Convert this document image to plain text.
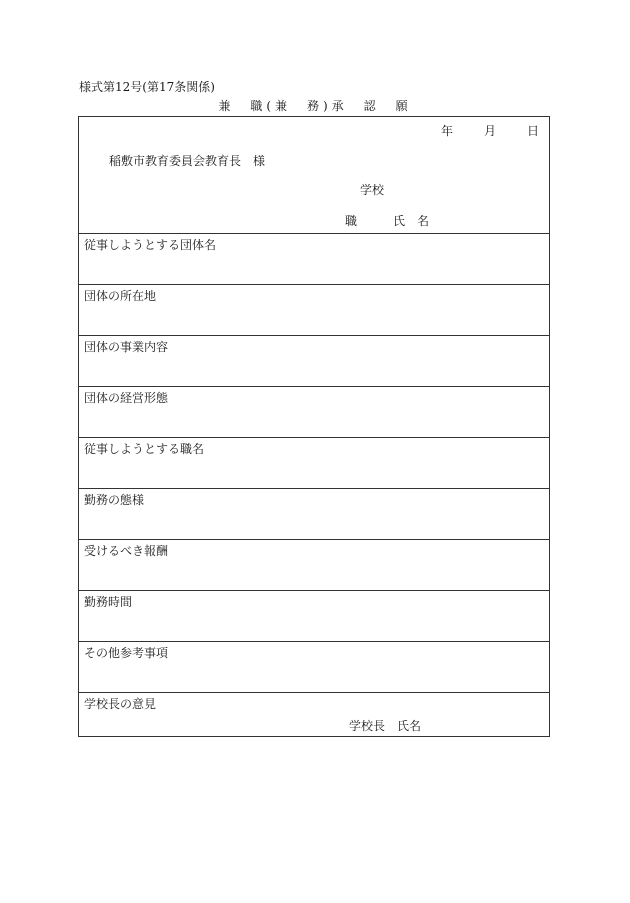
様式第12号(第17条関係)
兼　職(兼　務)承　認　願
年	月	日
稲敷市教育委員会教育長　様
学校
職	氏　名
従事しようとする団体名
団体の所在地
団体の事業内容
団体の経営形態
従事しようとする職名
勤務の態様
受けるべき報酬
勤務時間
その他参考事項
学校長の意見
学校長 氏名
